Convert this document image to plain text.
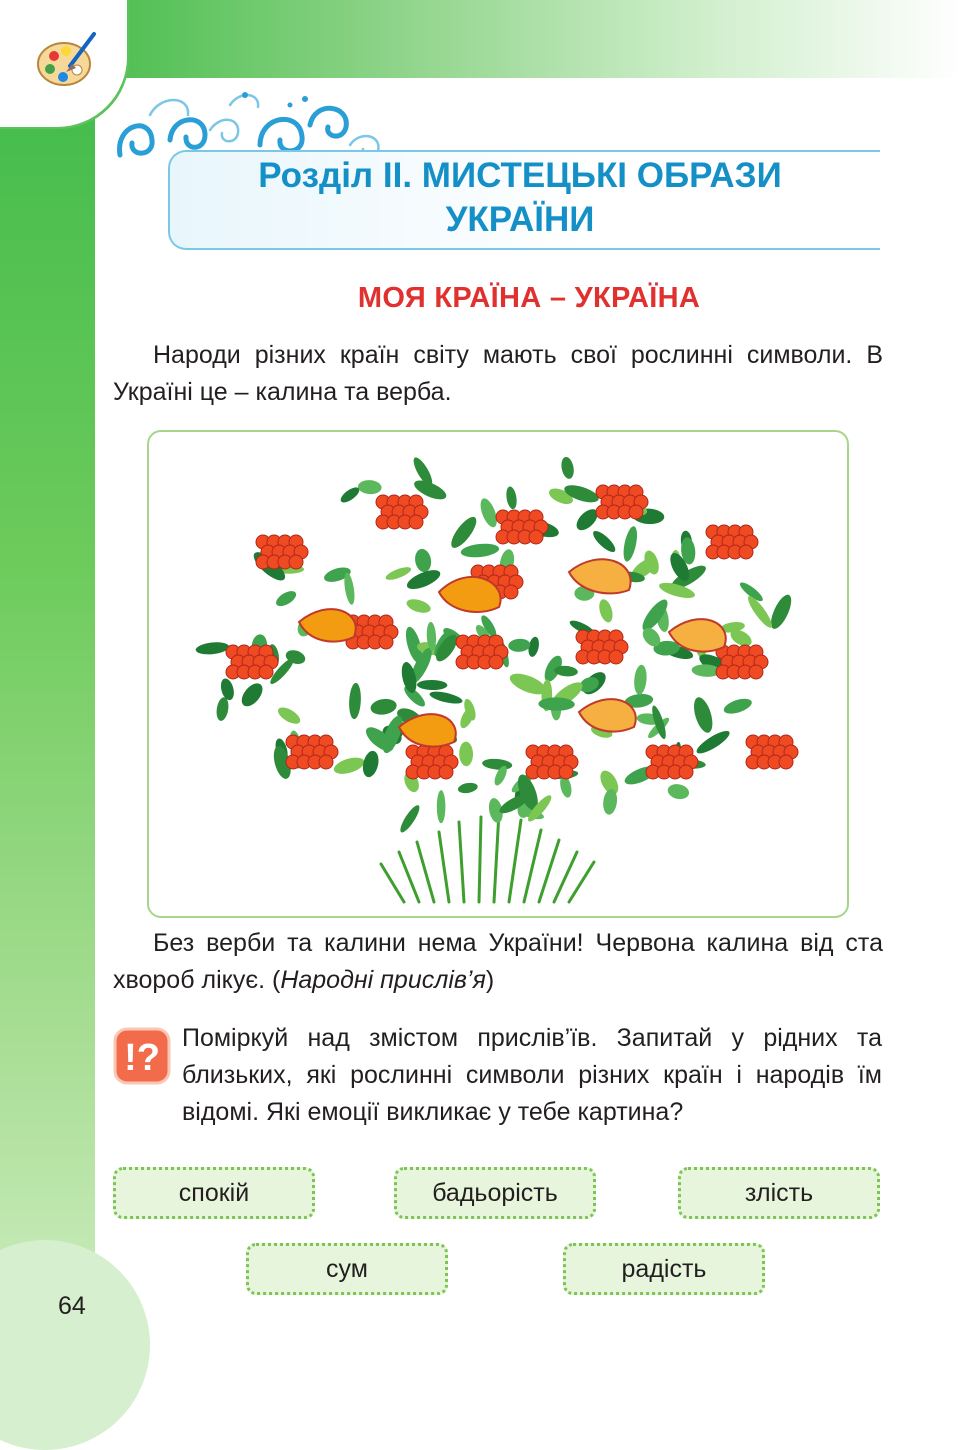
Розділ ІІ. МИСТЕЦЬКІ ОБРАЗИ
УКРАЇНИ
МОЯ КРАЇНА – УКРАЇНА
Народи різних країн світу мають свої рослинні символи. В Україні це – калина та верба.
Без верби та калини нема України! Червона калина від ста хвороб лікує. (Народні прислів’я)
!? Поміркуй над змістом прислів’їв. Запитай у рідних та близьких, які рослинні символи різних країн і народів їм відомі. Які емоції викликає у тебе картина?
спокій	бадьорість	злість
сум	радість
64
